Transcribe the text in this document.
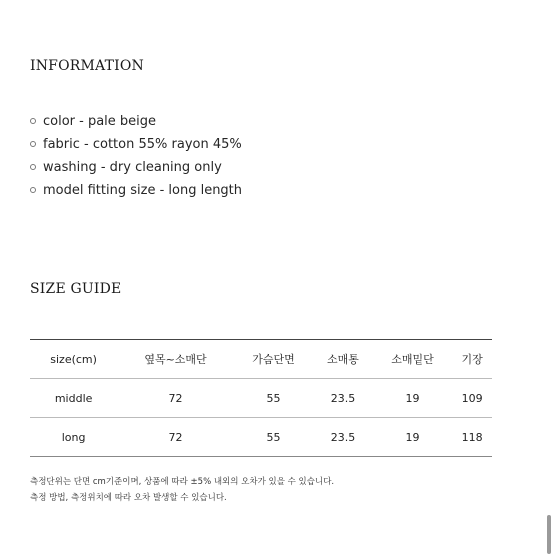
INFORMATION
color - pale beige
fabric - cotton 55% rayon 45%
washing - dry cleaning only
model fitting size - long length
SIZE GUIDE
size(cm)	옆목~소매단	가슴단면	소매통	소매밑단	기장
middle	72	55	23.5	19	109
long	72	55	23.5	19	118
측정단위는 단면 cm기준이며, 상품에 따라 ±5% 내외의 오차가 있을 수 있습니다.
측정 방법, 측정위치에 따라 오차 발생할 수 있습니다.
